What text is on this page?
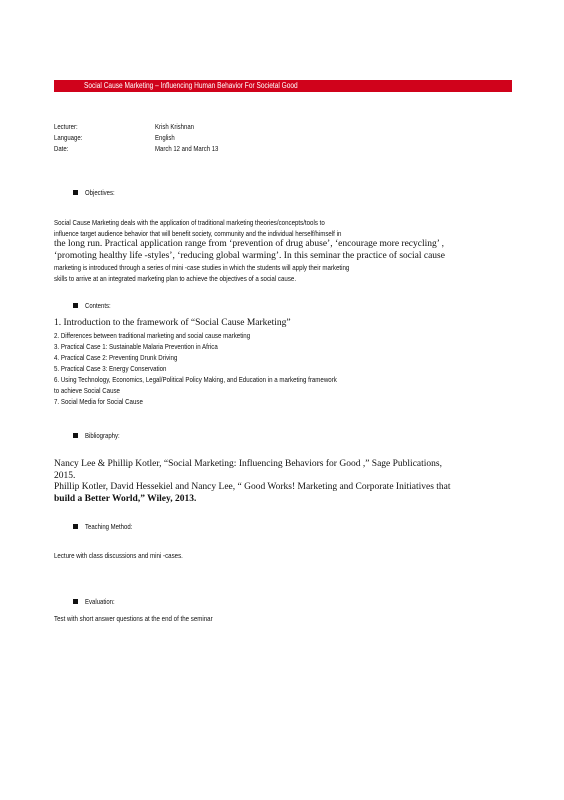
Social Cause Marketing – Influencing Human Behavior For Societal Good
Lecturer:	Krish Krishnan
Language:	English
Date:	March 12 and March 13
Objectives:
Social Cause Marketing deals with the application of traditional marketing theories/concepts/tools to
influence target audience behavior that will benefit society, community and the individual herself/himself in
the long run. Practical application range from ‘prevention of drug abuse’, ‘encourage more recycling’ ,
‘promoting healthy life -styles’, ‘reducing global warming’. In this seminar the practice of social cause
marketing is introduced through a series of mini -case studies in which the students will apply their marketing
skills to arrive at an integrated marketing plan to achieve the objectives of a social cause.
Contents:
1. Introduction to the framework of “Social Cause Marketing”
2. Differences between traditional marketing and social cause marketing
3. Practical Case 1: Sustainable Malaria Prevention in Africa
4. Practical Case 2: Preventing Drunk Driving
5. Practical Case 3: Energy Conservation
6. Using Technology, Economics, Legal/Political Policy Making, and Education in a marketing framework
to achieve Social Cause
7. Social Media for Social Cause
Bibliography:
Nancy Lee & Phillip Kotler, “Social Marketing: Influencing Behaviors for Good ,” Sage Publications,
2015.
Phillip Kotler, David Hessekiel and Nancy Lee, “ Good Works! Marketing and Corporate Initiatives that
build a Better World,” Wiley, 2013.
Teaching Method:
Lecture with class discussions and mini -cases.
Evaluation:
Test with short answer questions at the end of the seminar
